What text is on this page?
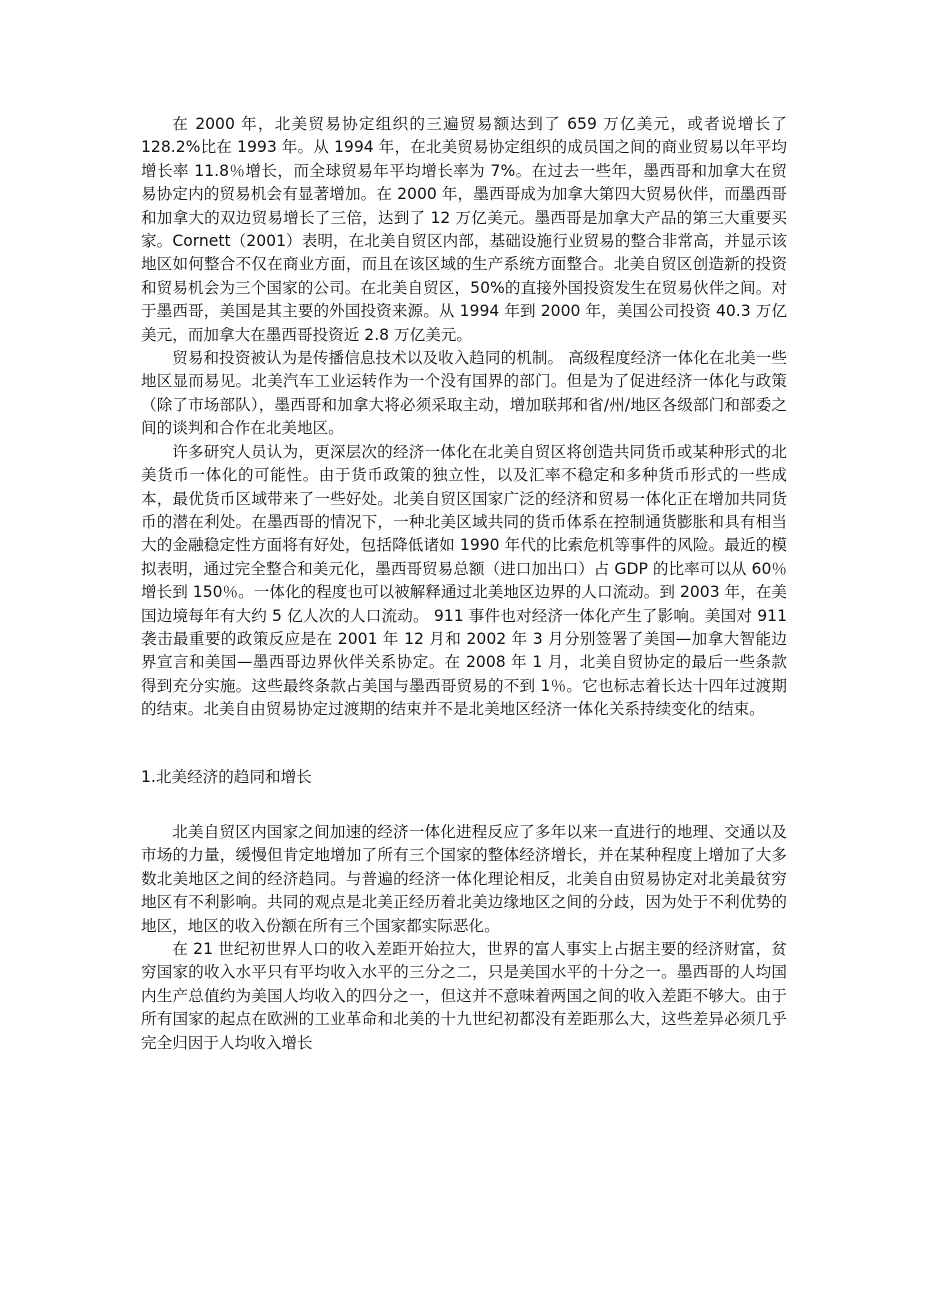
在 2000 年，北美贸易协定组织的三遍贸易额达到了 659 万亿美元，或者说增长了 128.2%比在 1993 年。从 1994 年，在北美贸易协定组织的成员国之间的商业贸易以年平均增长率 11.8％增长，而全球贸易年平均增长率为 7%。在过去一些年，墨西哥和加拿大在贸易协定内的贸易机会有显著增加。在 2000 年，墨西哥成为加拿大第四大贸易伙伴，而墨西哥和加拿大的双边贸易增长了三倍，达到了 12 万亿美元。墨西哥是加拿大产品的第三大重要买家。Cornett（2001）表明，在北美自贸区内部，基础设施行业贸易的整合非常高，并显示该地区如何整合不仅在商业方面，而且在该区域的生产系统方面整合。北美自贸区创造新的投资和贸易机会为三个国家的公司。在北美自贸区，50%的直接外国投资发生在贸易伙伴之间。对于墨西哥，美国是其主要的外国投资来源。从 1994 年到 2000 年，美国公司投资 40.3 万亿美元，而加拿大在墨西哥投资近 2.8 万亿美元。

贸易和投资被认为是传播信息技术以及收入趋同的机制。 高级程度经济一体化在北美一些地区显而易见。北美汽车工业运转作为一个没有国界的部门。但是为了促进经济一体化与政策（除了市场部队），墨西哥和加拿大将必须采取主动，增加联邦和省/州/地区各级部门和部委之间的谈判和合作在北美地区。

许多研究人员认为，更深层次的经济一体化在北美自贸区将创造共同货币或某种形式的北美货币一体化的可能性。由于货币政策的独立性，以及汇率不稳定和多种货币形式的一些成本，最优货币区域带来了一些好处。北美自贸区国家广泛的经济和贸易一体化正在增加共同货币的潜在利处。在墨西哥的情况下，一种北美区域共同的货币体系在控制通货膨胀和具有相当大的金融稳定性方面将有好处，包括降低诸如 1990 年代的比索危机等事件的风险。最近的模拟表明，通过完全整合和美元化，墨西哥贸易总额（进口加出口）占 GDP 的比率可以从 60％增长到 150％。一体化的程度也可以被解释通过北美地区边界的人口流动。到 2003 年，在美国边境每年有大约 5 亿人次的人口流动。 911 事件也对经济一体化产生了影响。美国对 911 袭击最重要的政策反应是在 2001 年 12 月和 2002 年 3 月分别签署了美国—加拿大智能边界宣言和美国—墨西哥边界伙伴关系协定。在 2008 年 1 月，北美自贸协定的最后一些条款得到充分实施。这些最终条款占美国与墨西哥贸易的不到 1％。它也标志着长达十四年过渡期的结束。北美自由贸易协定过渡期的结束并不是北美地区经济一体化关系持续变化的结束。

1.北美经济的趋同和增长

北美自贸区内国家之间加速的经济一体化进程反应了多年以来一直进行的地理、交通以及市场的力量，缓慢但肯定地增加了所有三个国家的整体经济增长，并在某种程度上增加了大多数北美地区之间的经济趋同。与普遍的经济一体化理论相反，北美自由贸易协定对北美最贫穷地区有不利影响。共同的观点是北美正经历着北美边缘地区之间的分歧，因为处于不利优势的地区，地区的收入份额在所有三个国家都实际恶化。

在 21 世纪初世界人口的收入差距开始拉大，世界的富人事实上占据主要的经济财富，贫穷国家的收入水平只有平均收入水平的三分之二，只是美国水平的十分之一。墨西哥的人均国内生产总值约为美国人均收入的四分之一，但这并不意味着两国之间的收入差距不够大。由于所有国家的起点在欧洲的工业革命和北美的十九世纪初都没有差距那么大，这些差异必须几乎完全归因于人均收入增长
